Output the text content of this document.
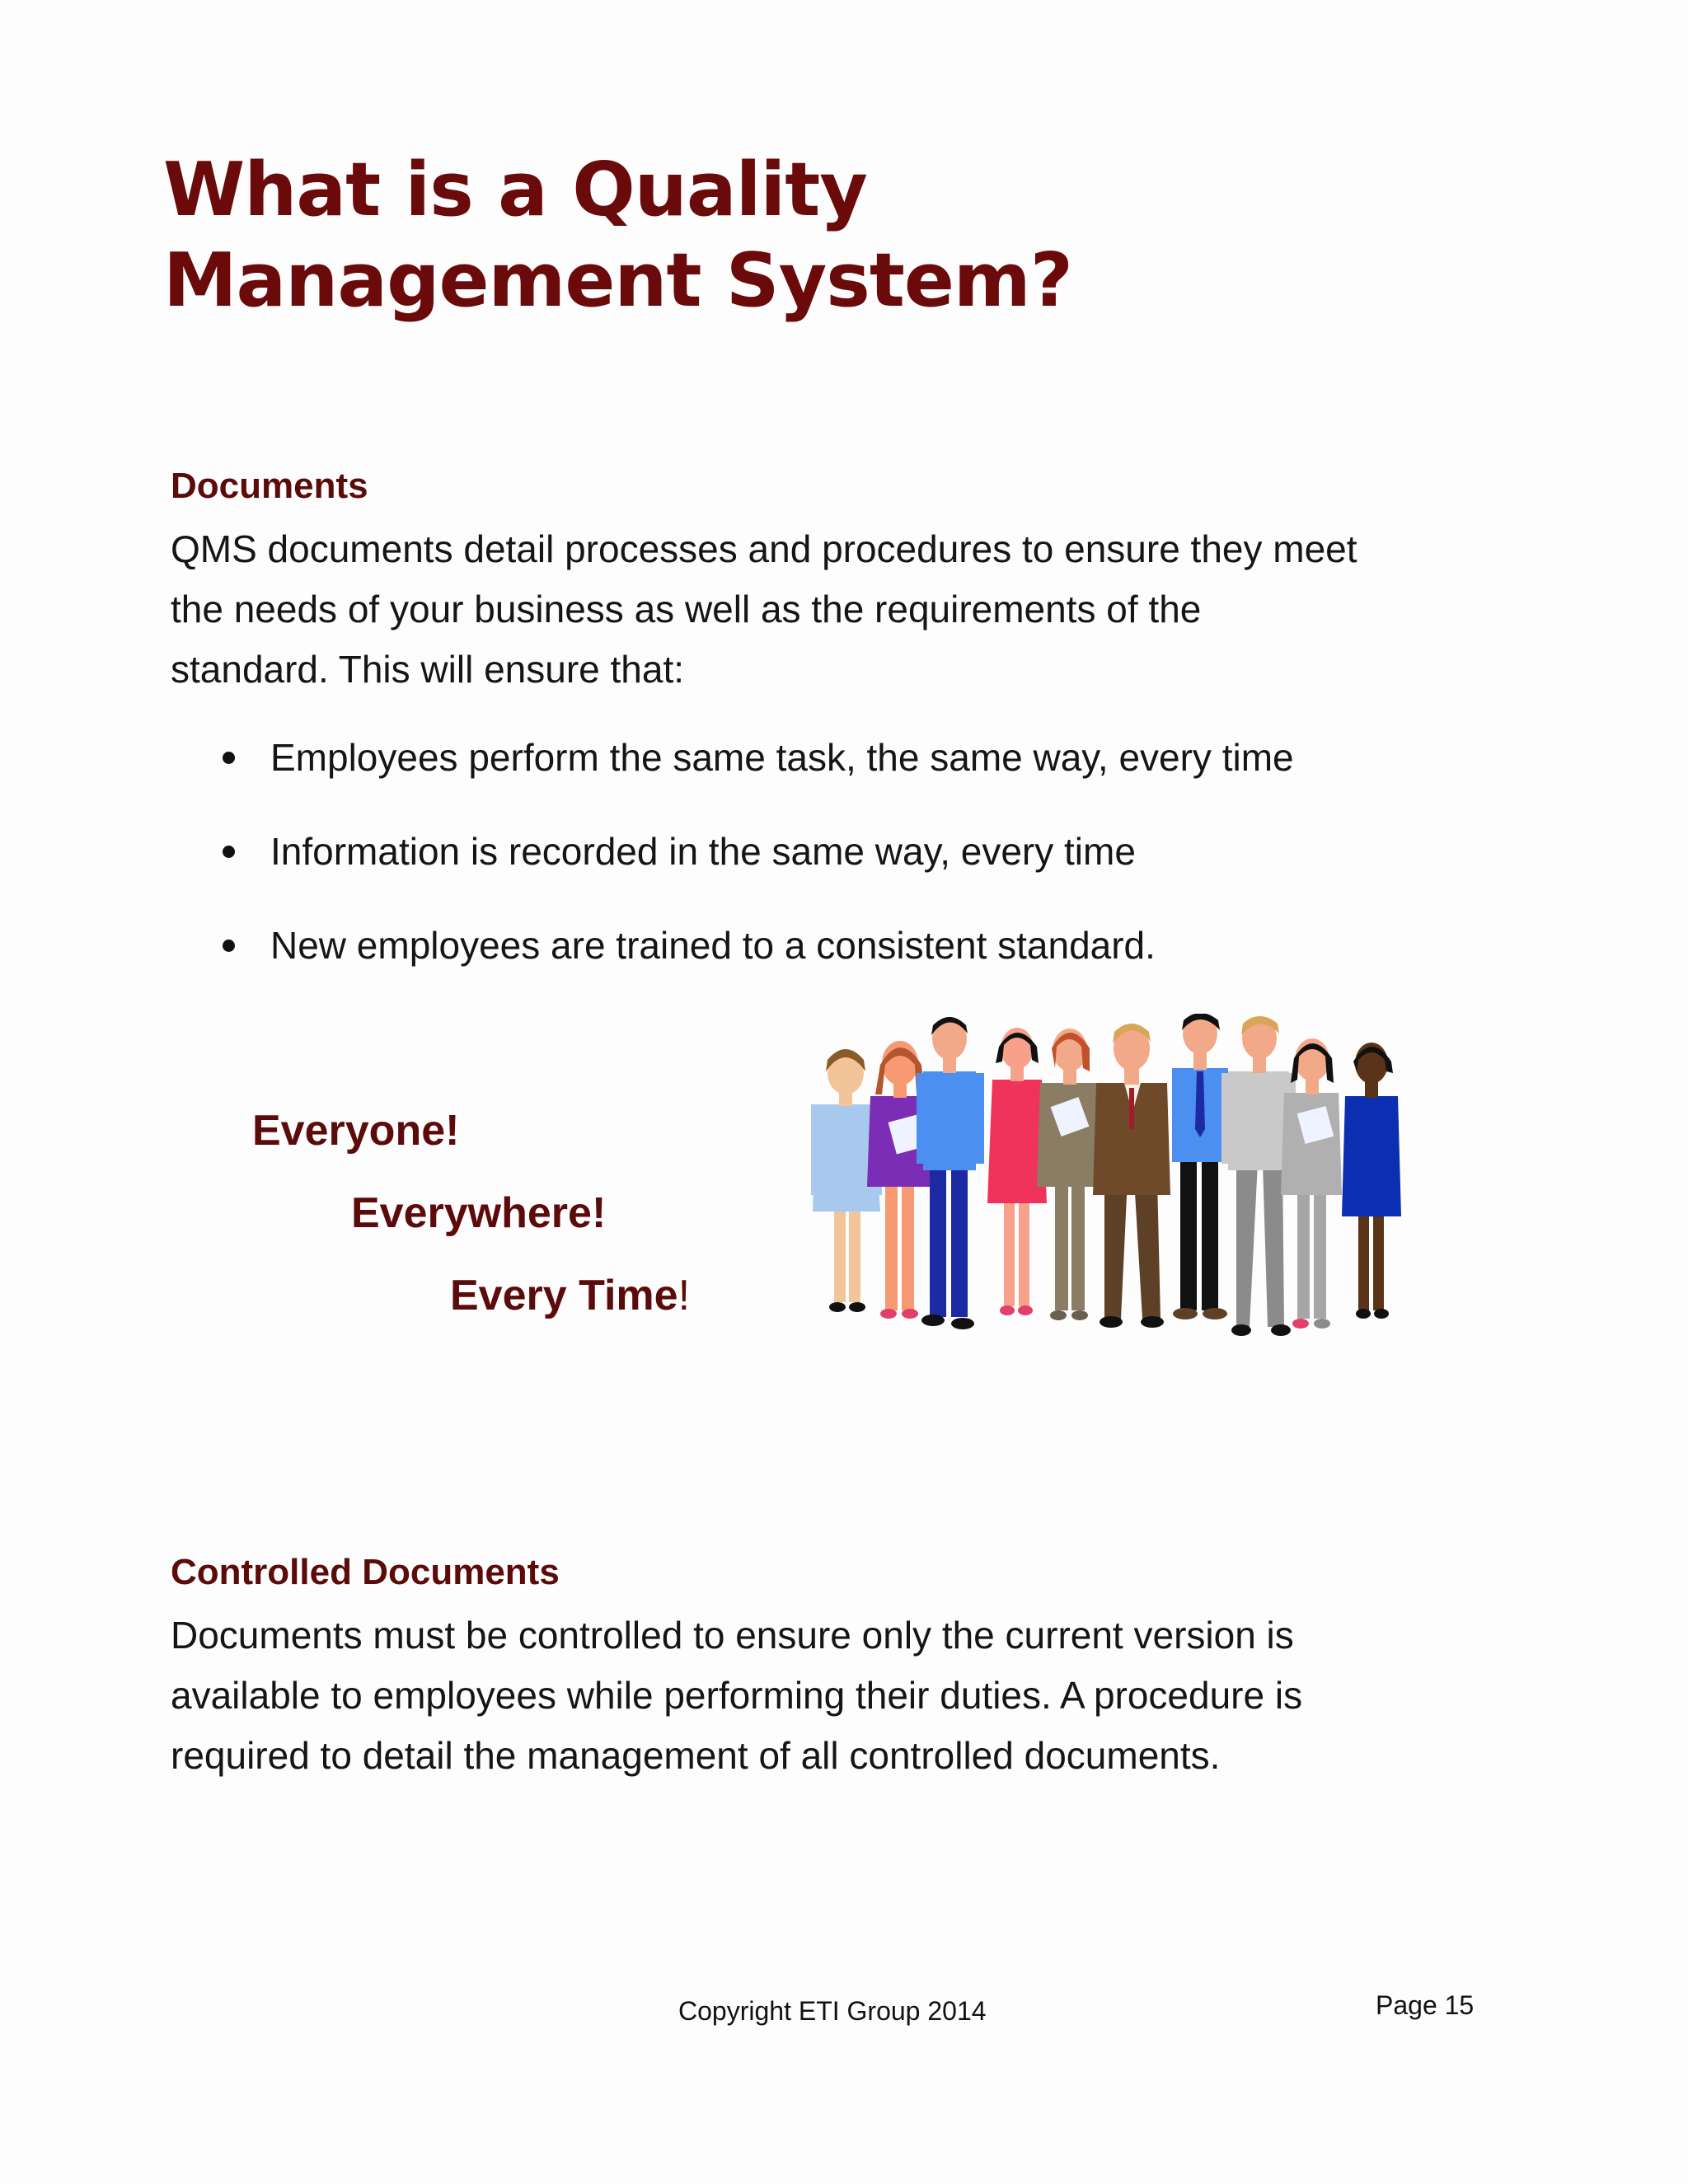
What is a Quality
Management System?
Documents

QMS documents detail processes and procedures to ensure they meet
the needs of your business as well as the requirements of the
standard. This will ensure that:

Employees perform the same task, the same way, every time
Information is recorded in the same way, every time
New employees are trained to a consistent standard.

Everyone!

Everywhere!

Every Time!

Controlled Documents

Documents must be controlled to ensure only the current version is
available to employees while performing their duties. A procedure is
required to detail the management of all controlled documents.

Copyright ETI Group 2014	Page 15
